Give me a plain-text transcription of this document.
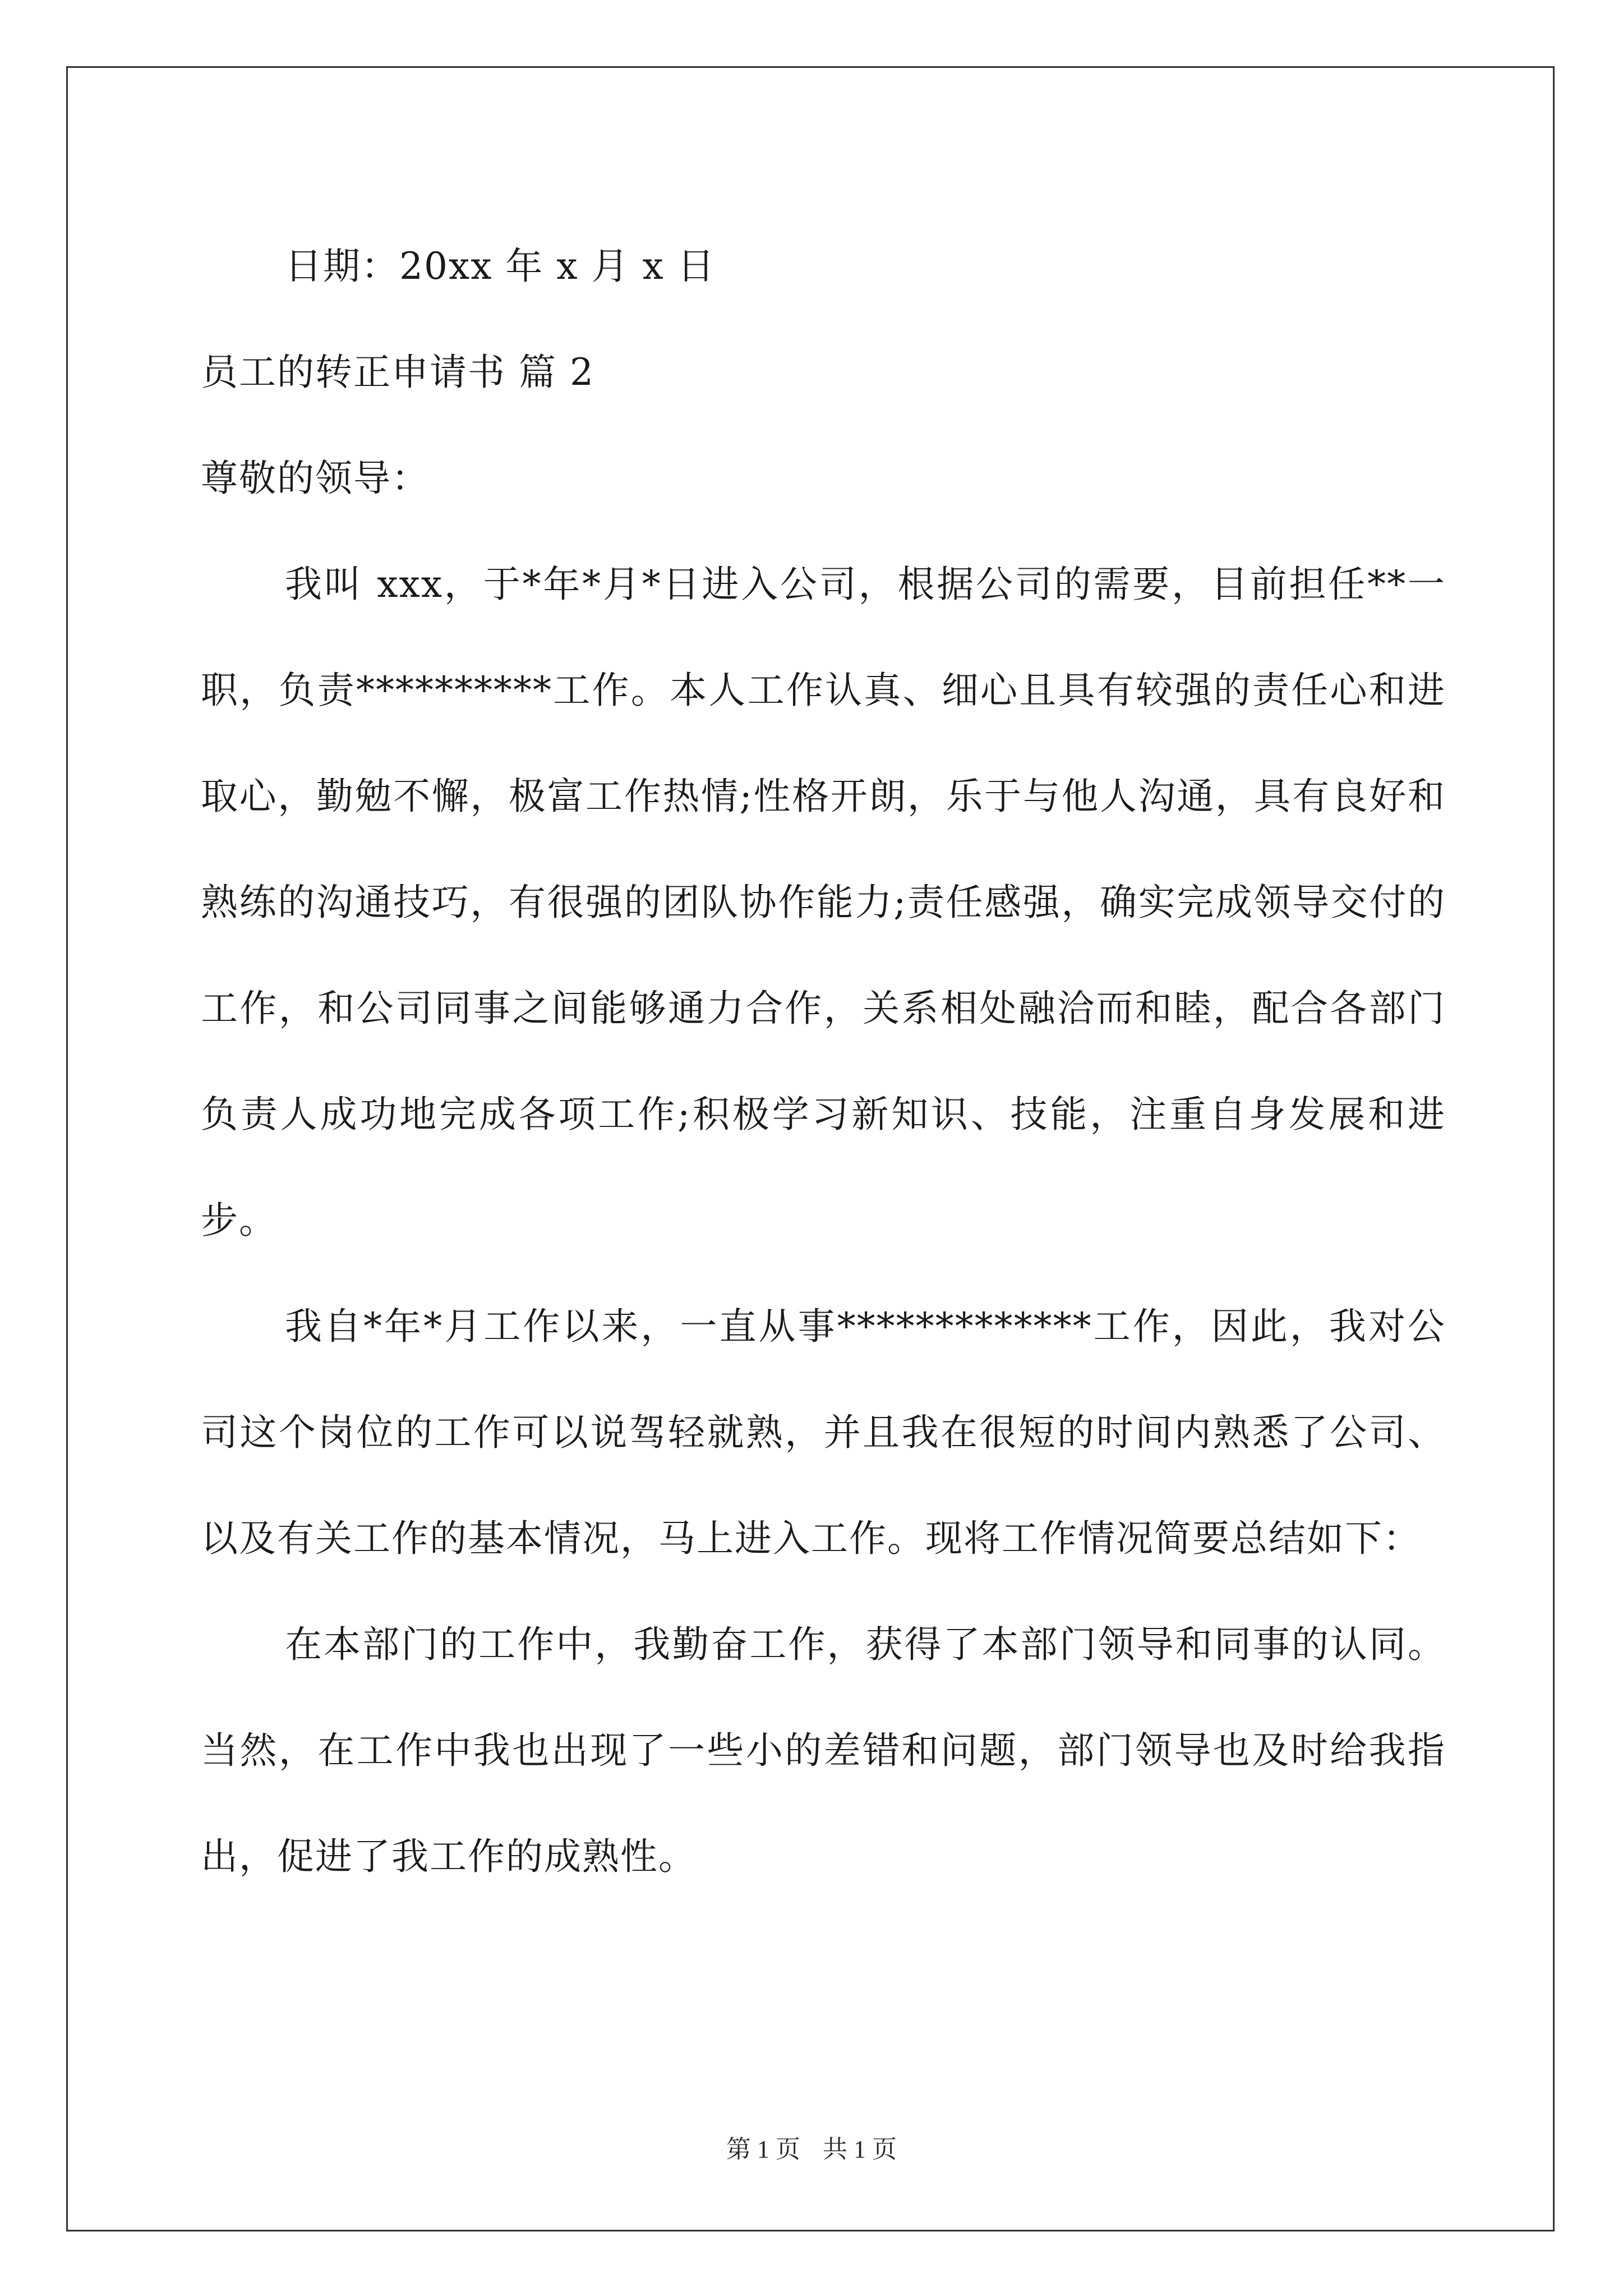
日期：20xx 年 x 月 x 日
员工的转正申请书 篇 2
尊敬的领导：

我叫 xxx，于*年*月*日进入公司，根据公司的需要，目前担任**一职，负责**********工作。本人工作认真、细心且具有较强的责任心和进取心，勤勉不懈，极富工作热情;性格开朗，乐于与他人沟通，具有良好和熟练的沟通技巧，有很强的团队协作能力;责任感强，确实完成领导交付的工作，和公司同事之间能够通力合作，关系相处融洽而和睦，配合各部门负责人成功地完成各项工作;积极学习新知识、技能，注重自身发展和进步。

我自*年*月工作以来，一直从事*************工作，因此，我对公司这个岗位的工作可以说驾轻就熟，并且我在很短的时间内熟悉了公司、以及有关工作的基本情况，马上进入工作。现将工作情况简要总结如下：

在本部门的工作中，我勤奋工作，获得了本部门领导和同事的认同。当然，在工作中我也出现了一些小的差错和问题，部门领导也及时给我指出，促进了我工作的成熟性。

第 1 页 共 1 页
